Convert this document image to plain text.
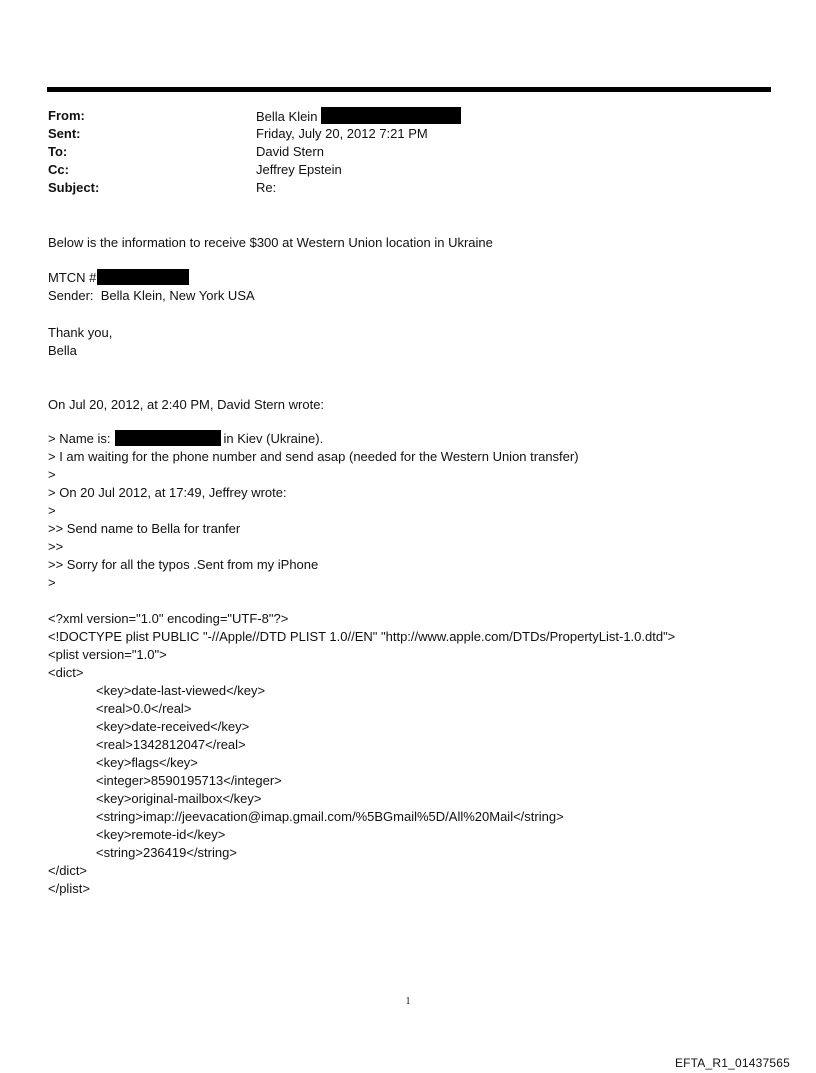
From:	Bella Klein
Sent:	Friday, July 20, 2012 7:21 PM
To:	David Stern
Cc:	Jeffrey Epstein
Subject:	Re:
Below is the information to receive $300 at Western Union location in Ukraine
MTCN #
Sender:  Bella Klein, New York USA
Thank you,
Bella
On Jul 20, 2012, at 2:40 PM, David Stern wrote:
> Name is:	in Kiev (Ukraine).
> I am waiting for the phone number and send asap (needed for the Western Union transfer)
>
> On 20 Jul 2012, at 17:49, Jeffrey wrote:
>
>> Send name to Bella for tranfer
>>
>> Sorry for all the typos .Sent from my iPhone
>
<?xml version="1.0" encoding="UTF-8"?>
<!DOCTYPE plist PUBLIC "-//Apple//DTD PLIST 1.0//EN" "http://www.apple.com/DTDs/PropertyList-1.0.dtd">
<plist version="1.0">
<dict>
<key>date-last-viewed</key>
<real>0.0</real>
<key>date-received</key>
<real>1342812047</real>
<key>flags</key>
<integer>8590195713</integer>
<key>original-mailbox</key>
<string>imap://jeevacation@imap.gmail.com/%5BGmail%5D/All%20Mail</string>
<key>remote-id</key>
<string>236419</string>
</dict>
</plist>
1
EFTA_R1_01437565
